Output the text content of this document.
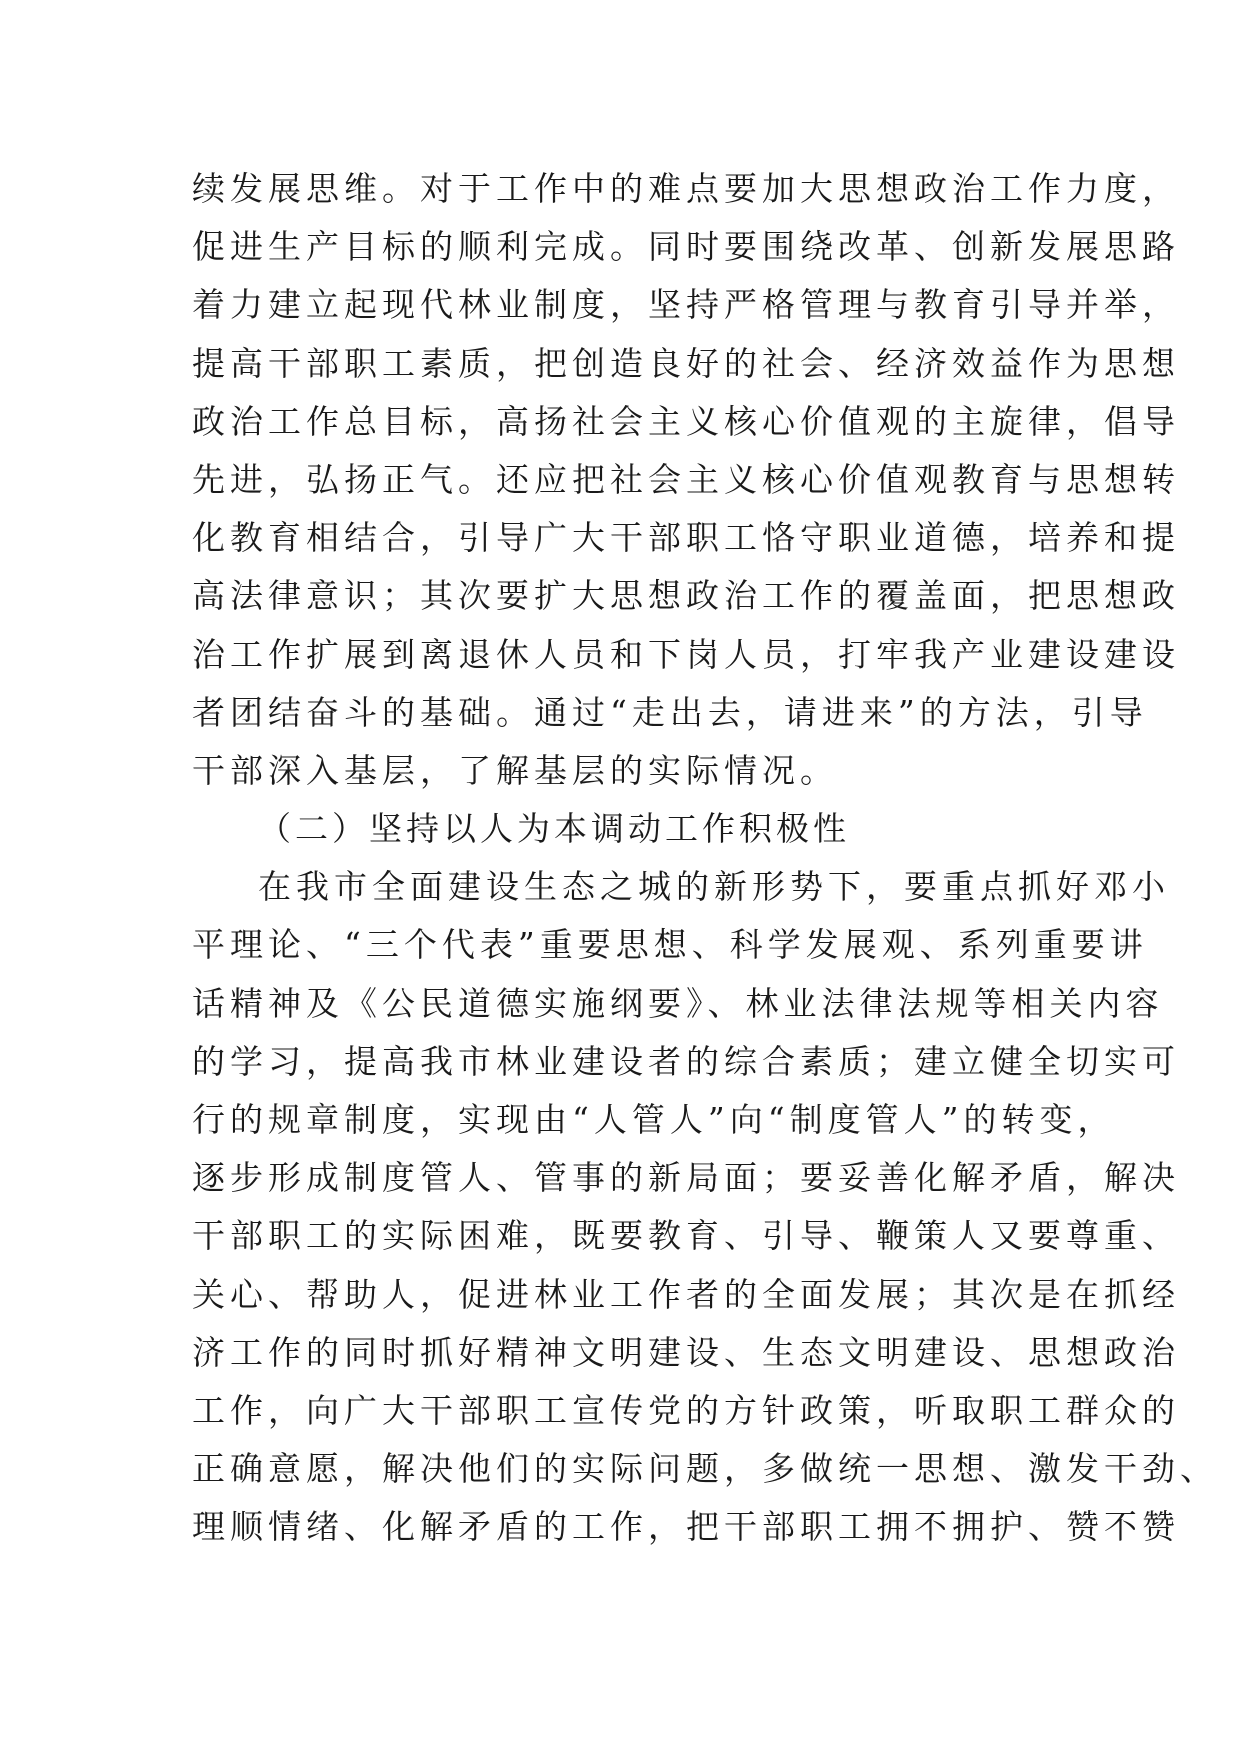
续发展思维。对于工作中的难点要加大思想政治工作力度，
促进生产目标的顺利完成。同时要围绕改革、创新发展思路
着力建立起现代林业制度，坚持严格管理与教育引导并举，
提高干部职工素质，把创造良好的社会、经济效益作为思想
政治工作总目标，高扬社会主义核心价值观的主旋律，倡导
先进，弘扬正气。还应把社会主义核心价值观教育与思想转
化教育相结合，引导广大干部职工恪守职业道德，培养和提
高法律意识；其次要扩大思想政治工作的覆盖面，把思想政
治工作扩展到离退休人员和下岗人员，打牢我产业建设建设
者团结奋斗的基础。通过“走出去，请进来”的方法，引导
干部深入基层，了解基层的实际情况。
（二）坚持以人为本调动工作积极性
在我市全面建设生态之城的新形势下，要重点抓好邓小
平理论、“三个代表”重要思想、科学发展观、系列重要讲
话精神及《公民道德实施纲要》、林业法律法规等相关内容
的学习，提高我市林业建设者的综合素质；建立健全切实可
行的规章制度，实现由“人管人”向“制度管人”的转变，
逐步形成制度管人、管事的新局面；要妥善化解矛盾，解决
干部职工的实际困难，既要教育、引导、鞭策人又要尊重、
关心、帮助人，促进林业工作者的全面发展；其次是在抓经
济工作的同时抓好精神文明建设、生态文明建设、思想政治
工作，向广大干部职工宣传党的方针政策，听取职工群众的
正确意愿，解决他们的实际问题，多做统一思想、激发干劲、
理顺情绪、化解矛盾的工作，把干部职工拥不拥护、赞不赞
